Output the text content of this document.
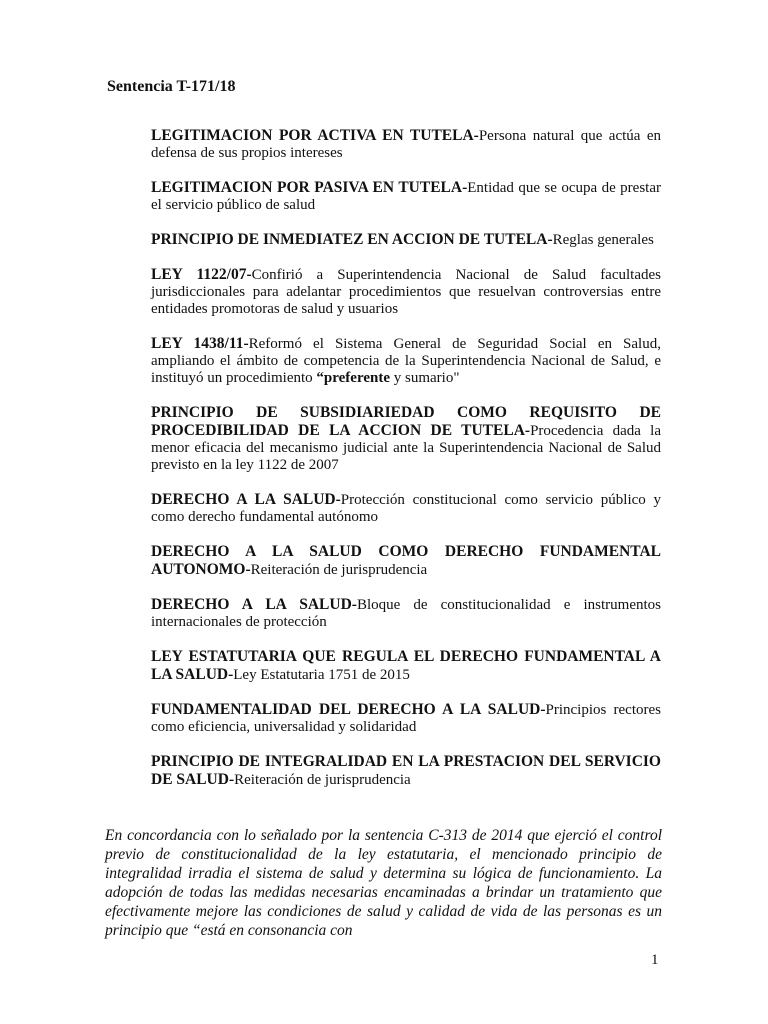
Sentencia T-171/18
LEGITIMACION POR ACTIVA EN TUTELA-Persona natural que actúa en defensa de sus propios intereses
LEGITIMACION POR PASIVA EN TUTELA-Entidad que se ocupa de prestar el servicio público de salud
PRINCIPIO DE INMEDIATEZ EN ACCION DE TUTELA-Reglas generales
LEY 1122/07-Confirió a Superintendencia Nacional de Salud facultades jurisdiccionales para adelantar procedimientos que resuelvan controversias entre entidades promotoras de salud y usuarios
LEY 1438/11-Reformó el Sistema General de Seguridad Social en Salud, ampliando el ámbito de competencia de la Superintendencia Nacional de Salud, e instituyó un procedimiento “preferente y sumario"
PRINCIPIO DE SUBSIDIARIEDAD COMO REQUISITO DE PROCEDIBILIDAD DE LA ACCION DE TUTELA-Procedencia dada la menor eficacia del mecanismo judicial ante la Superintendencia Nacional de Salud previsto en la ley 1122 de 2007
DERECHO A LA SALUD-Protección constitucional como servicio público y como derecho fundamental autónomo
DERECHO A LA SALUD COMO DERECHO FUNDAMENTAL AUTONOMO-Reiteración de jurisprudencia
DERECHO A LA SALUD-Bloque de constitucionalidad e instrumentos internacionales de protección
LEY ESTATUTARIA QUE REGULA EL DERECHO FUNDAMENTAL A LA SALUD-Ley Estatutaria 1751 de 2015
FUNDAMENTALIDAD DEL DERECHO A LA SALUD-Principios rectores como eficiencia, universalidad y solidaridad
PRINCIPIO DE INTEGRALIDAD EN LA PRESTACION DEL SERVICIO DE SALUD-Reiteración de jurisprudencia
En concordancia con lo señalado por la sentencia C-313 de 2014 que ejerció el control previo de constitucionalidad de la ley estatutaria, el mencionado principio de integralidad irradia el sistema de salud y determina su lógica de funcionamiento. La adopción de todas las medidas necesarias encaminadas a brindar un tratamiento que efectivamente mejore las condiciones de salud y calidad de vida de las personas es un principio que “está en consonancia con
1
